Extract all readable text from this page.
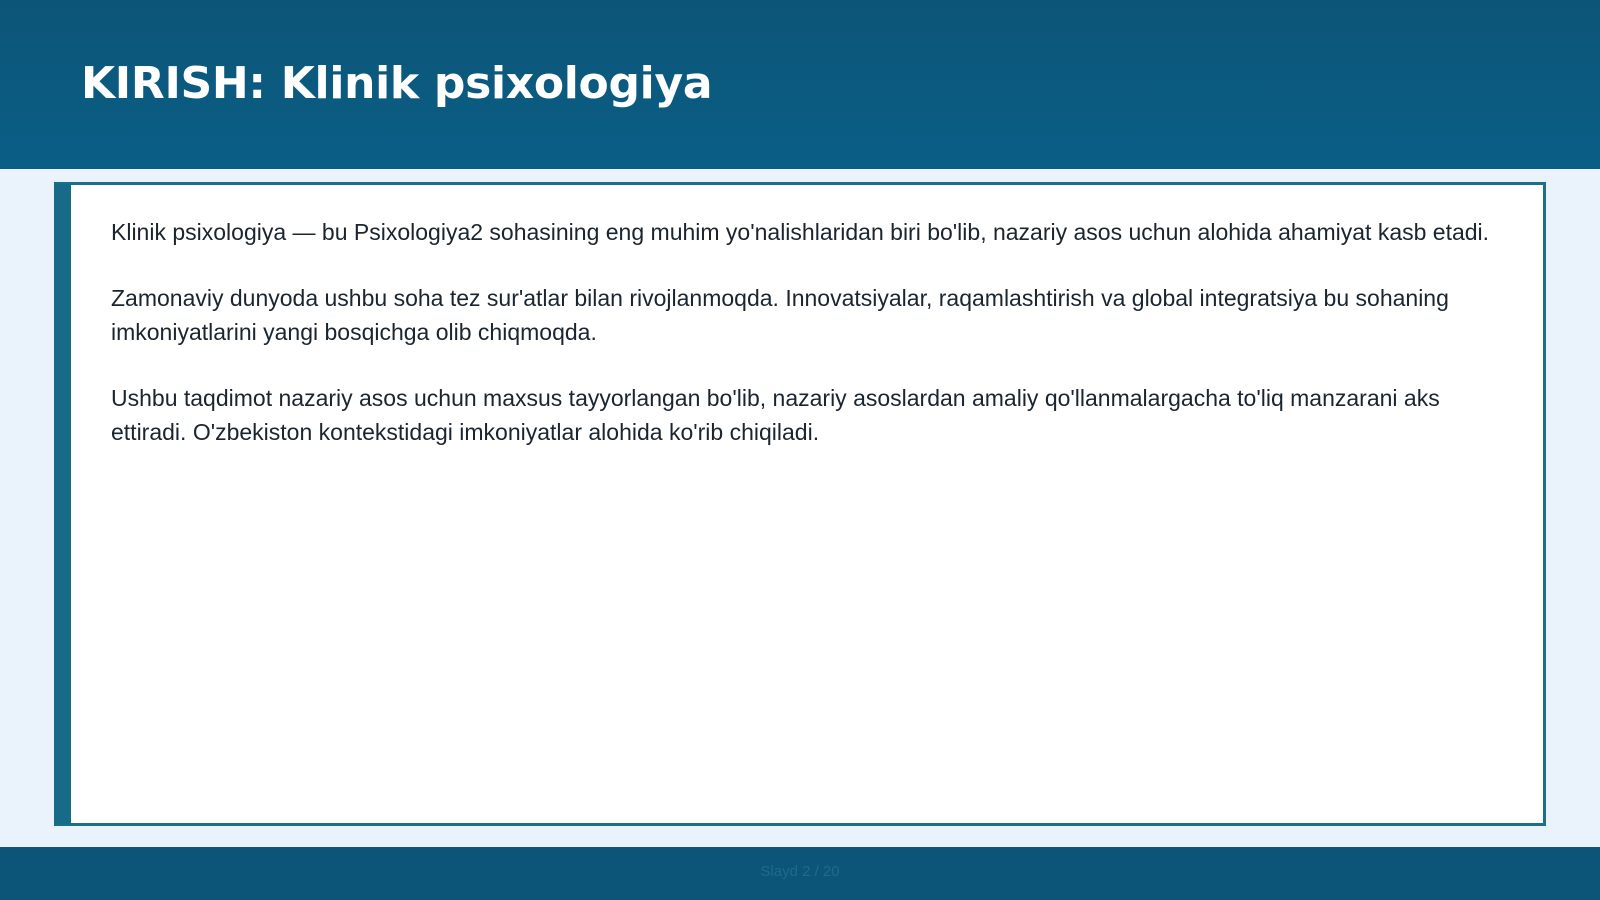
KIRISH: Klinik psixologiya

Klinik psixologiya — bu Psixologiya2 sohasining eng muhim yo'nalishlaridan biri bo'lib, nazariy asos uchun alohida ahamiyat kasb etadi.

Zamonaviy dunyoda ushbu soha tez sur'atlar bilan rivojlanmoqda. Innovatsiyalar, raqamlashtirish va global integratsiya bu sohaning imkoniyatlarini yangi bosqichga olib chiqmoqda.

Ushbu taqdimot nazariy asos uchun maxsus tayyorlangan bo'lib, nazariy asoslardan amaliy qo'llanmalargacha to'liq manzarani aks ettiradi. O'zbekiston kontekstidagi imkoniyatlar alohida ko'rib chiqiladi.

Slayd 2 / 20
